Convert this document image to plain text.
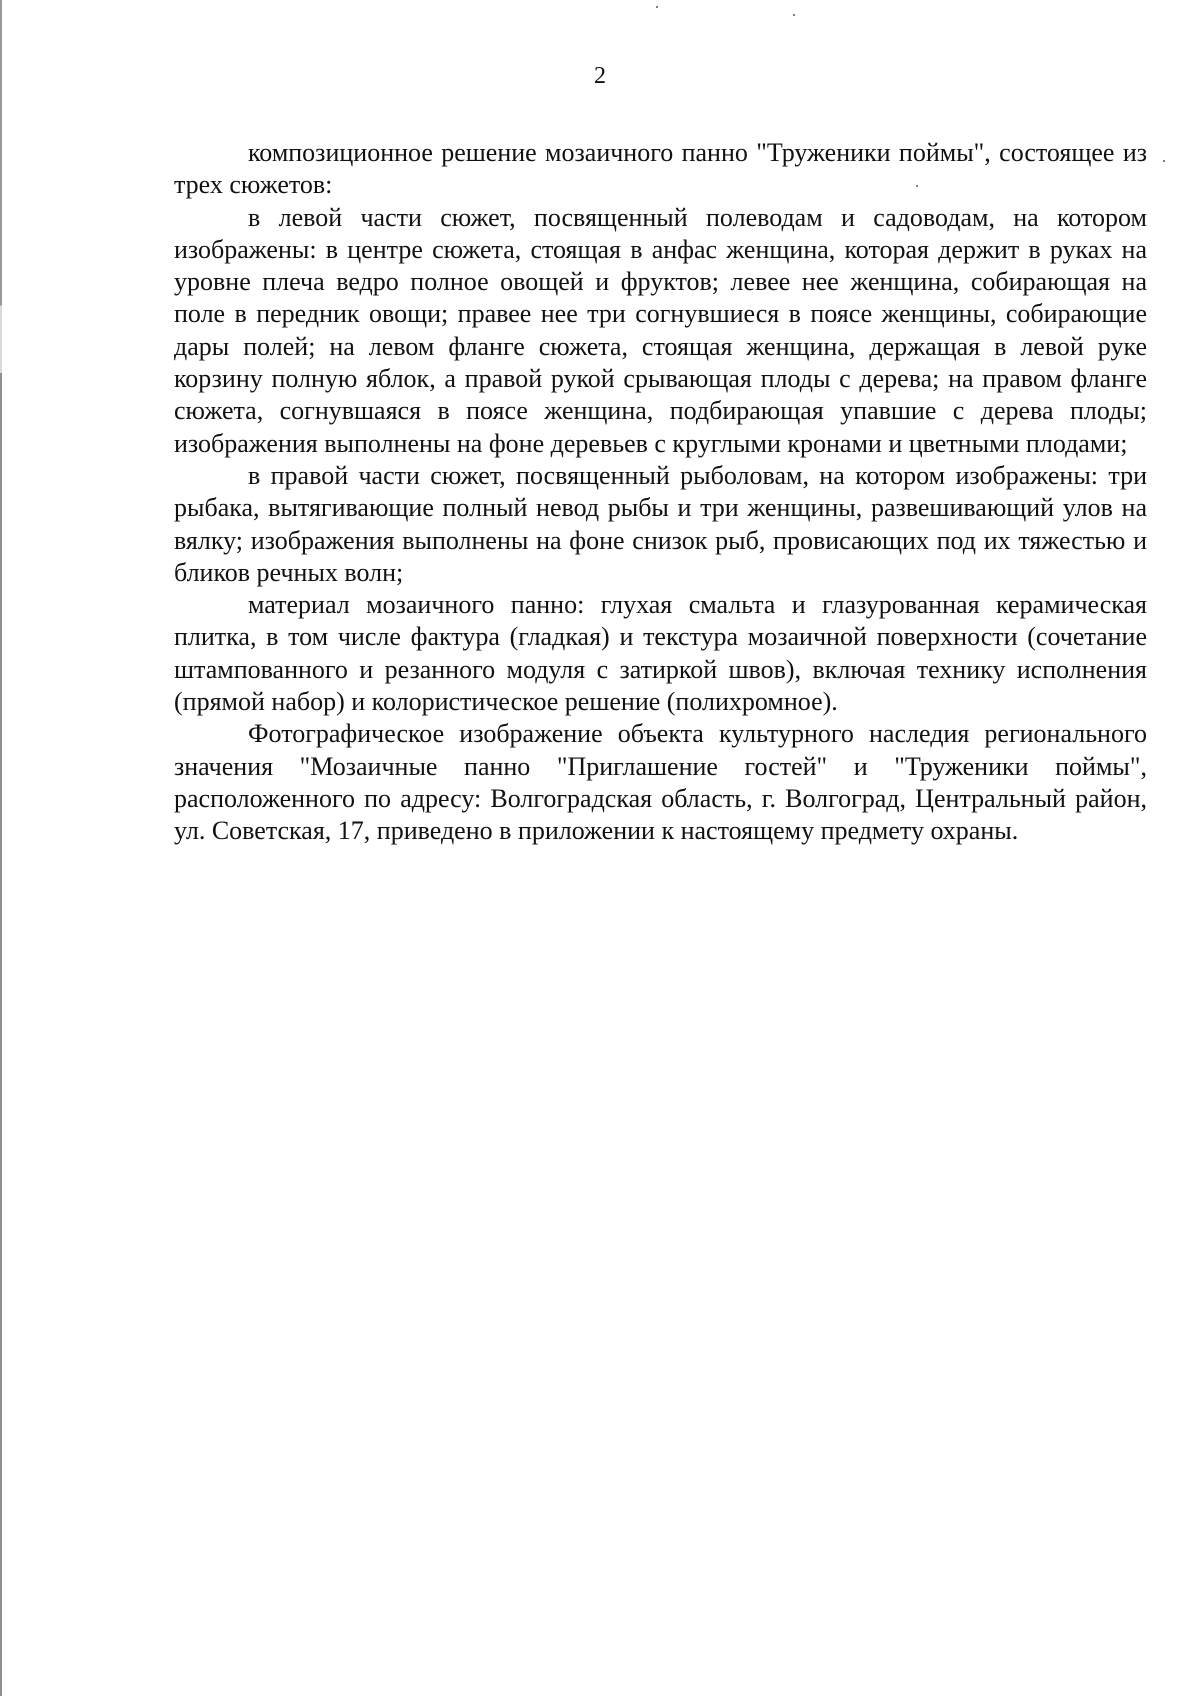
2

композиционное решение мозаичного панно "Труженики поймы", состоящее из трех сюжетов:

в левой части сюжет, посвященный полеводам и садоводам, на котором изображены: в центре сюжета, стоящая в анфас женщина, которая держит в руках на уровне плеча ведро полное овощей и фруктов; левее нее женщина, собирающая на поле в передник овощи; правее нее три согнувшиеся в поясе женщины, собирающие дары полей; на левом фланге сюжета, стоящая женщина, держащая в левой руке корзину полную яблок, а правой рукой срывающая плоды с дерева; на правом фланге сюжета, согнувшаяся в поясе женщина, подбирающая упавшие с дерева плоды; изображения выполнены на фоне деревьев с круглыми кронами и цветными плодами;

в правой части сюжет, посвященный рыболовам, на котором изображены: три рыбака, вытягивающие полный невод рыбы и три женщины, развешивающий улов на вялку; изображения выполнены на фоне снизок рыб, провисающих под их тяжестью и бликов речных волн;

материал мозаичного панно: глухая смальта и глазурованная керамическая плитка, в том числе фактура (гладкая) и текстура мозаичной поверхности (сочетание штампованного и резанного модуля с затиркой швов), включая технику исполнения (прямой набор) и колористическое решение (полихромное).

Фотографическое изображение объекта культурного наследия регионального значения "Мозаичные панно "Приглашение гостей" и "Труженики поймы", расположенного по адресу: Волгоградская область, г. Волгоград, Центральный район, ул. Советская, 17, приведено в приложении к настоящему предмету охраны.
